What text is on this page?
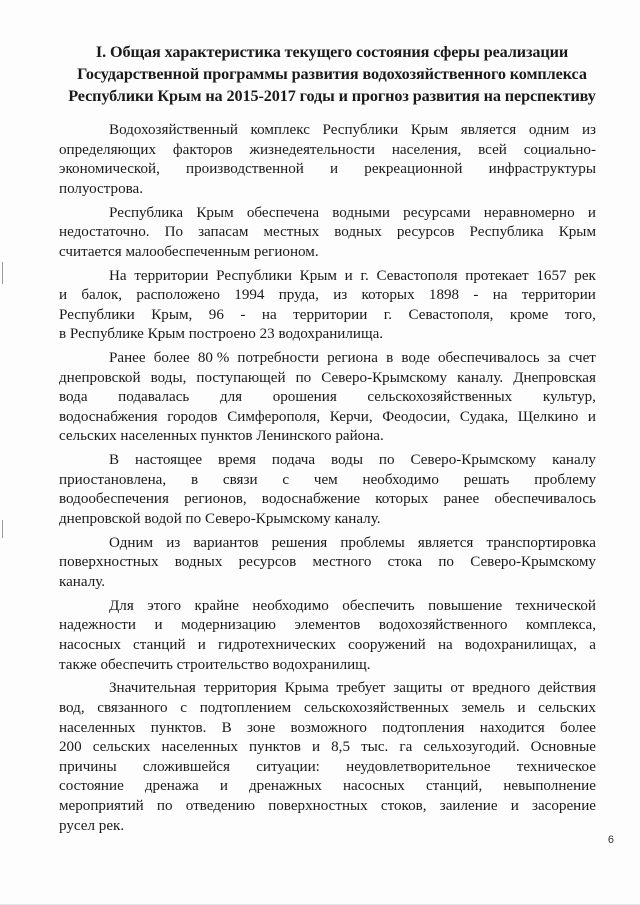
I. Общая характеристика текущего состояния сферы реализации
Государственной программы развития водохозяйственного комплекса
Республики Крым на 2015-2017 годы и прогноз развития на перспективу
Водохозяйственный комплекс Республики Крым является одним из
определяющих факторов жизнедеятельности населения, всей социально-
экономической, производственной и рекреационной инфраструктуры
полуострова.
Республика Крым обеспечена водными ресурсами неравномерно и
недостаточно. По запасам местных водных ресурсов Республика Крым
считается малообеспеченным регионом.
На территории Республики Крым и г. Севастополя протекает 1657 рек
и балок, расположено 1994 пруда, из которых 1898 - на территории
Республики Крым, 96 - на территории г. Севастополя, кроме того,
в Республике Крым построено 23 водохранилища.
Ранее более 80 % потребности региона в воде обеспечивалось за счет
днепровской воды, поступающей по Северо-Крымскому каналу. Днепровская
вода подавалась для орошения сельскохозяйственных культур,
водоснабжения городов Симферополя, Керчи, Феодосии, Судака, Щелкино и
сельских населенных пунктов Ленинского района.
В настоящее время подача воды по Северо-Крымскому каналу
приостановлена, в связи с чем необходимо решать проблему
водообеспечения регионов, водоснабжение которых ранее обеспечивалось
днепровской водой по Северо-Крымскому каналу.
Одним из вариантов решения проблемы является транспортировка
поверхностных водных ресурсов местного стока по Северо-Крымскому
каналу.
Для этого крайне необходимо обеспечить повышение технической
надежности и модернизацию элементов водохозяйственного комплекса,
насосных станций и гидротехнических сооружений на водохранилищах, а
также обеспечить строительство водохранилищ.
Значительная территория Крыма требует защиты от вредного действия
вод, связанного с подтоплением сельскохозяйственных земель и сельских
населенных пунктов. В зоне возможного подтопления находится более
200 сельских населенных пунктов и 8,5 тыс. га сельхозугодий. Основные
причины сложившейся ситуации: неудовлетворительное техническое
состояние дренажа и дренажных насосных станций, невыполнение
мероприятий по отведению поверхностных стоков, заиление и засорение
русел рек.
6
